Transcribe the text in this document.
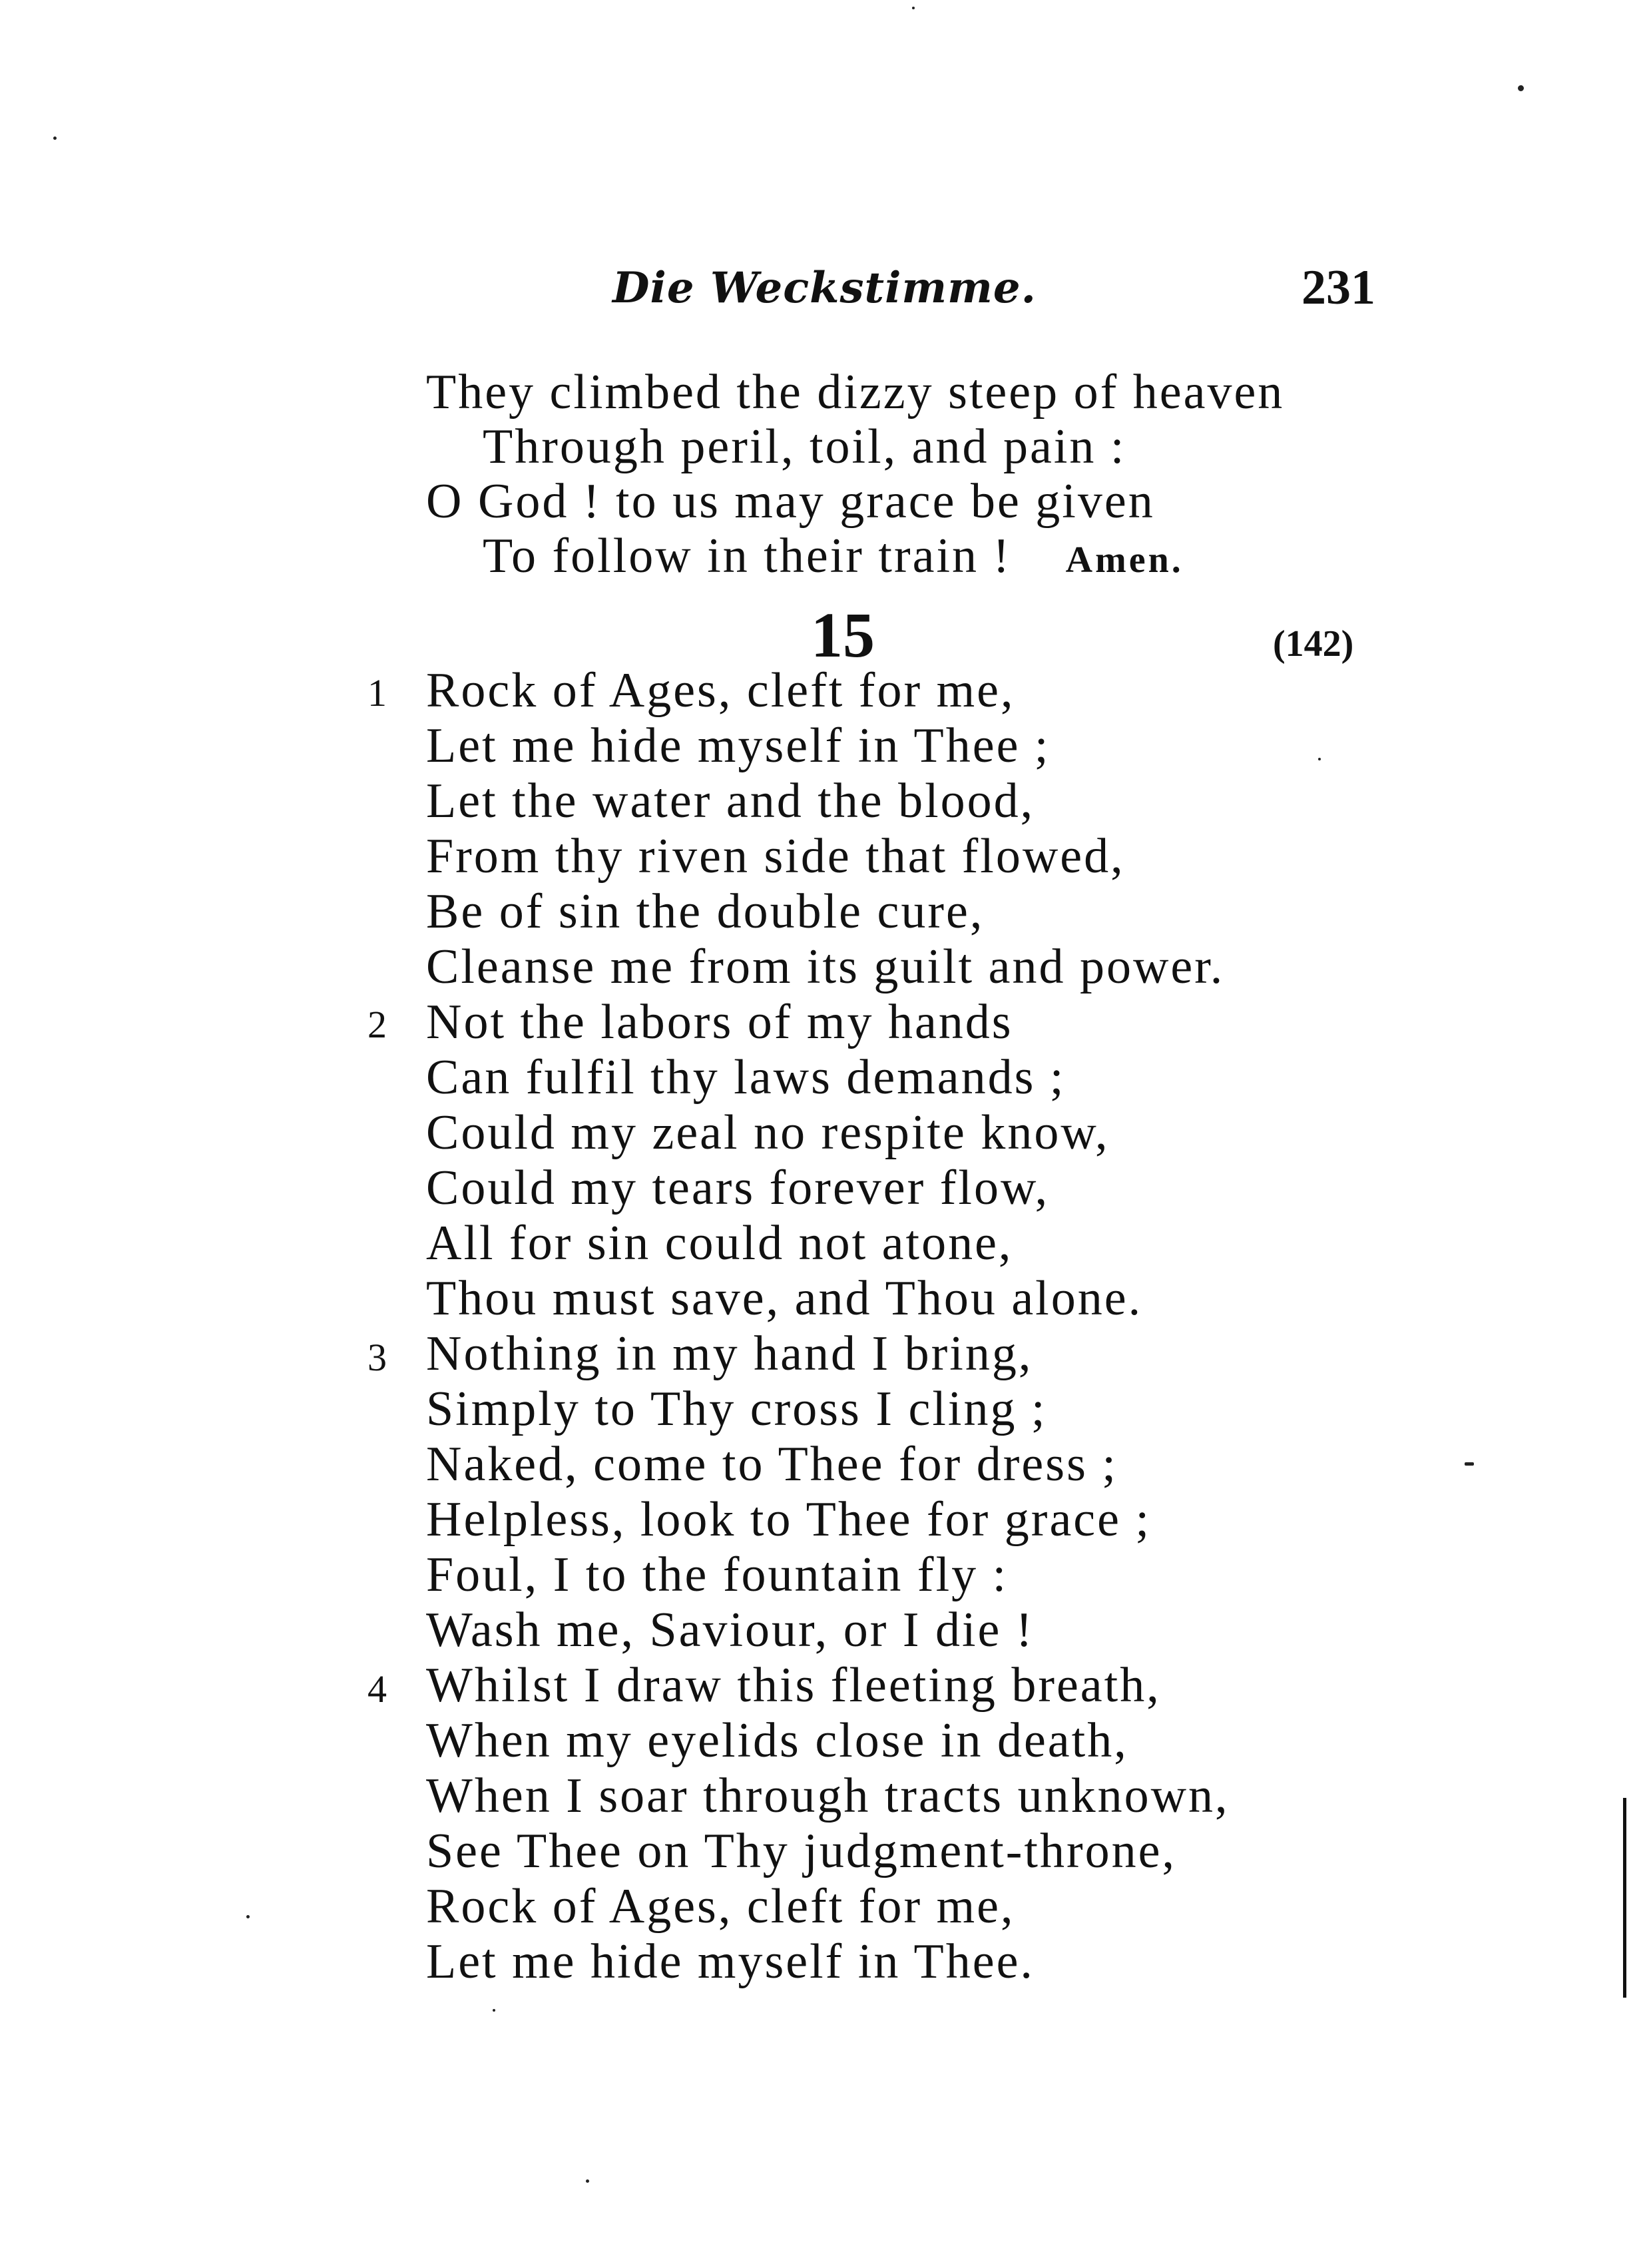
Die Weckstimme.	231
They climbed the dizzy steep of heaven
Through peril, toil, and pain :
O God ! to us may grace be given
To follow in their train ! Amen.
15	(142)
1 Rock of Ages, cleft for me,
Let me hide myself in Thee ;
Let the water and the blood,
From thy riven side that flowed,
Be of sin the double cure,
Cleanse me from its guilt and power.
2 Not the labors of my hands
Can fulfil thy laws demands ;
Could my zeal no respite know,
Could my tears forever flow,
All for sin could not atone,
Thou must save, and Thou alone.
3 Nothing in my hand I bring,
Simply to Thy cross I cling ;
Naked, come to Thee for dress ;
Helpless, look to Thee for grace ;
Foul, I to the fountain fly :
Wash me, Saviour, or I die !
4 Whilst I draw this fleeting breath,
When my eyelids close in death,
When I soar through tracts unknown,
See Thee on Thy judgment-throne,
Rock of Ages, cleft for me,
Let me hide myself in Thee.
